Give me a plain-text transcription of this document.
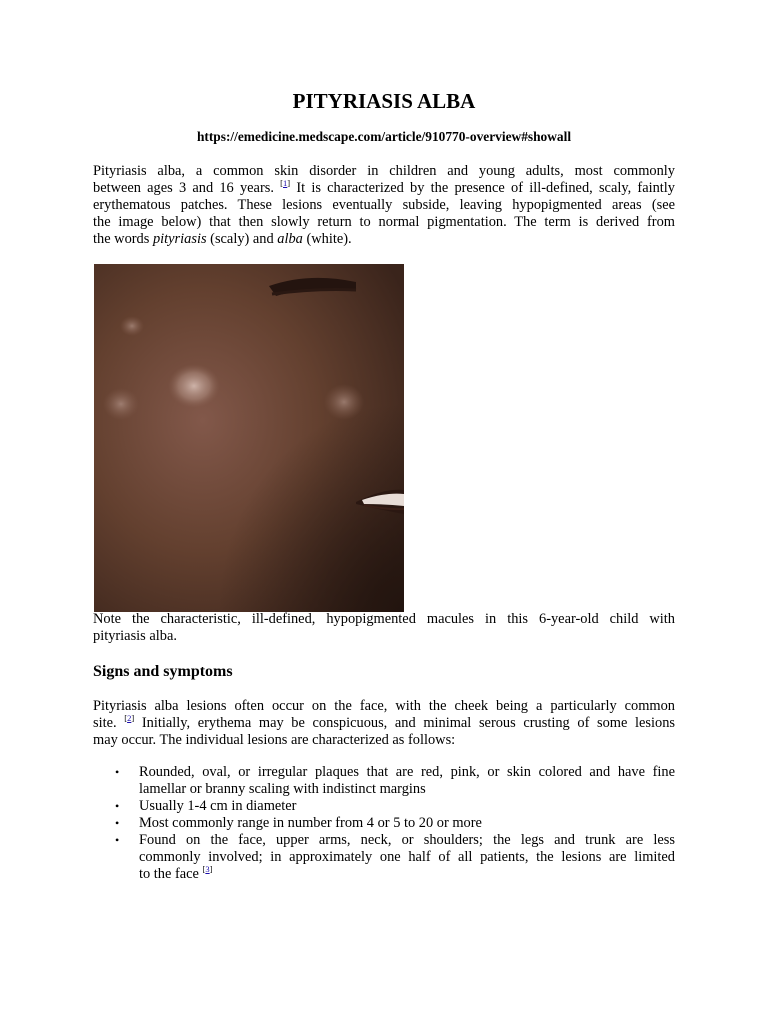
PITYRIASIS ALBA

https://emedicine.medscape.com/article/910770-overview#showall

Pityriasis alba, a common skin disorder in children and young adults, most commonly
between ages 3 and 16 years. [1] It is characterized by the presence of ill-defined, scaly, faintly
erythematous patches. These lesions eventually subside, leaving hypopigmented areas (see
the image below) that then slowly return to normal pigmentation. The term is derived from
the words pityriasis (scaly) and alba (white).
Note the characteristic, ill-defined, hypopigmented macules in this 6-year-old child with
pityriasis alba.
Signs and symptoms
Pityriasis alba lesions often occur on the face, with the cheek being a particularly common
site. [2] Initially, erythema may be conspicuous, and minimal serous crusting of some lesions
may occur. The individual lesions are characterized as follows:
• Rounded, oval, or irregular plaques that are red, pink, or skin colored and have fine
lamellar or branny scaling with indistinct margins
• Usually 1-4 cm in diameter
• Most commonly range in number from 4 or 5 to 20 or more
• Found on the face, upper arms, neck, or shoulders; the legs and trunk are less
commonly involved; in approximately one half of all patients, the lesions are limited
to the face [3]
